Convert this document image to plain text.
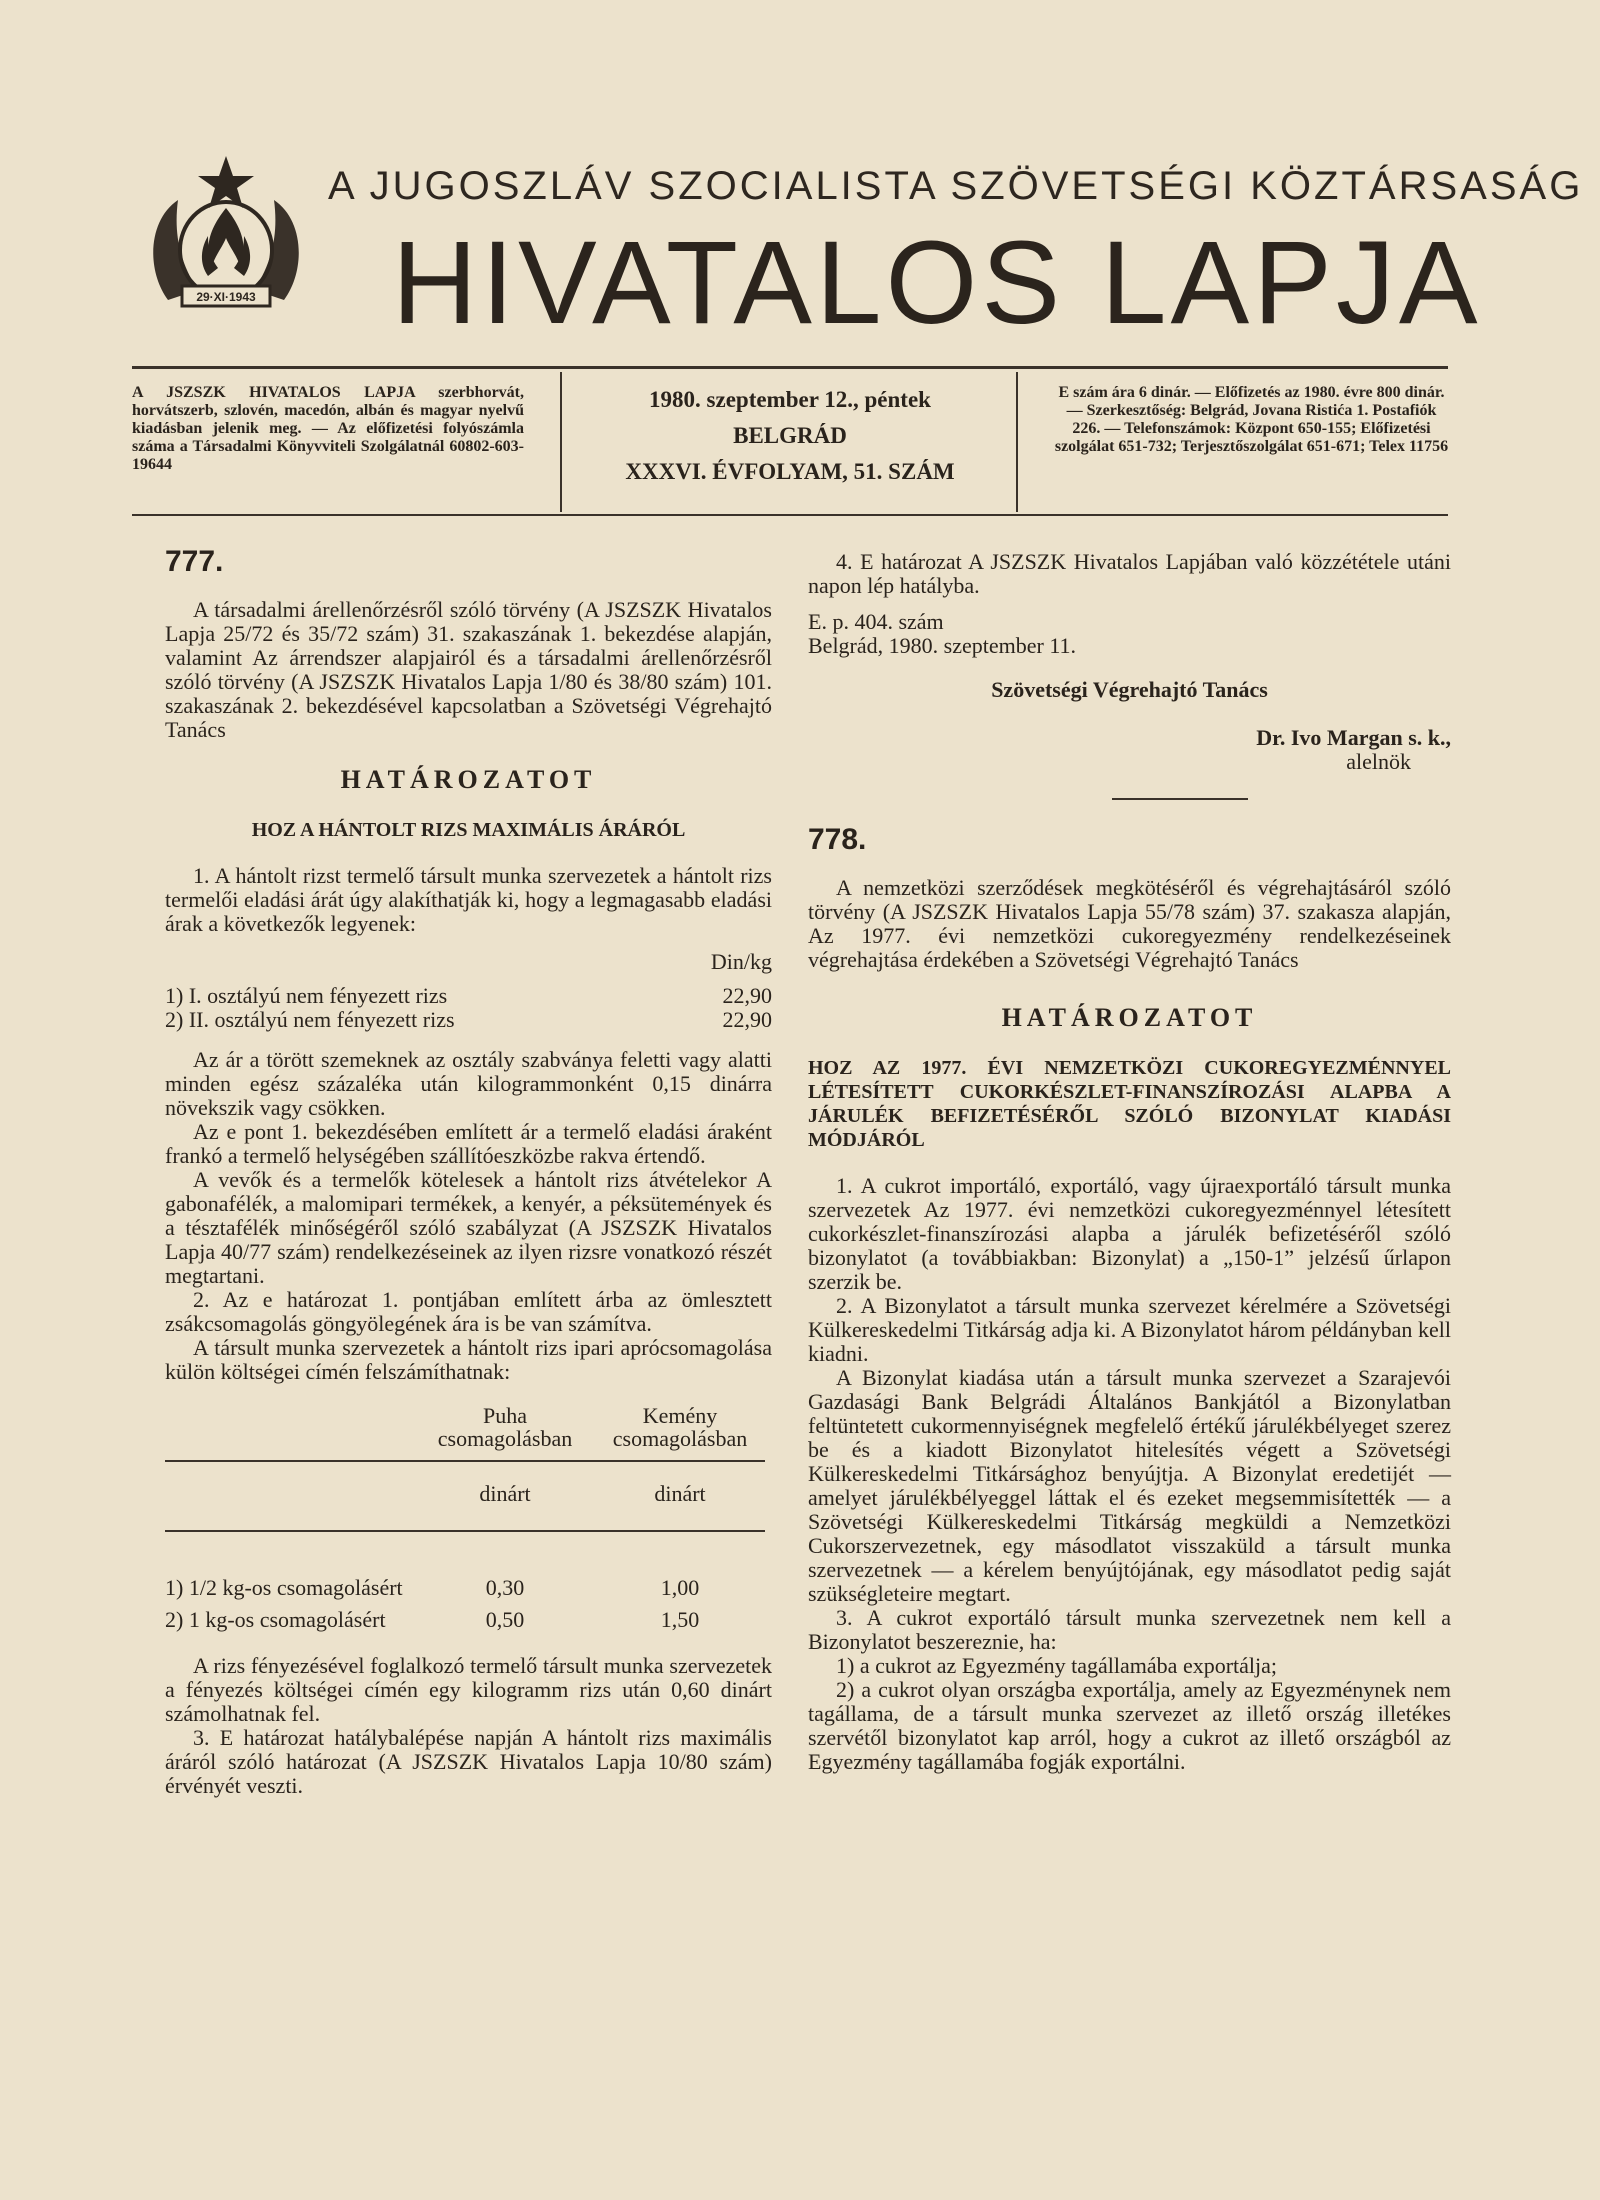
29·XI·1943
A JUGOSZLÁV SZOCIALISTA SZÖVETSÉGI KÖZTÁRSASÁG
HIVATALOS LAPJA
A JSZSZK HIVATALOS LAPJA szerbhorvát, horvátszerb, szlovén, macedón, albán és magyar nyelvű kiadásban jelenik meg. — Az előfizetési folyószámla száma a Társadalmi Könyvviteli Szolgálatnál 60802-603-19644
1980. szeptember 12., péntek
BELGRÁD
XXXVI. ÉVFOLYAM, 51. SZÁM
E szám ára 6 dinár. — Előfizetés az 1980. évre 800 dinár. — Szerkesztőség: Belgrád, Jovana Ristića 1. Postafiók 226. — Telefonszámok: Központ 650-155; Előfizetési szolgálat 651-732; Terjesztőszolgálat 651-671; Telex 11756
777.

A társadalmi árellenőrzésről szóló törvény (A JSZSZK Hivatalos Lapja 25/72 és 35/72 szám) 31. szakaszának 1. bekezdése alapján, valamint Az árrendszer alapjairól és a társadalmi árellenőrzésről szóló törvény (A JSZSZK Hivatalos Lapja 1/80 és 38/80 szám) 101. szakaszának 2. bekezdésével kapcsolatban a Szövetségi Végrehajtó Tanács

HATÁROZATOT
HOZ A HÁNTOLT RIZS MAXIMÁLIS ÁRÁRÓL

1. A hántolt rizst termelő társult munka szervezetek a hántolt rizs termelői eladási árát úgy alakíthatják ki, hogy a legmagasabb eladási árak a következők legyenek:

Din/kg
1) I. osztályú nem fényezett rizs	22,90
2) II. osztályú nem fényezett rizs	22,90

Az ár a törött szemeknek az osztály szabványa feletti vagy alatti minden egész százaléka után kilogrammonként 0,15 dinárra növekszik vagy csökken.

Az e pont 1. bekezdésében említett ár a termelő eladási áraként frankó a termelő helységében szállítóeszközbe rakva értendő.

A vevők és a termelők kötelesek a hántolt rizs átvételekor A gabonafélék, a malomipari termékek, a kenyér, a péksütemények és a tésztafélék minőségéről szóló szabályzat (A JSZSZK Hivatalos Lapja 40/77 szám) rendelkezéseinek az ilyen rizsre vonatkozó részét megtartani.

2. Az e határozat 1. pontjában említett árba az ömlesztett zsákcsomagolás göngyölegének ára is be van számítva.

A társult munka szervezetek a hántolt rizs ipari aprócsomagolása külön költségei címén felszámíthatnak:

	Puha csomagolásban	Kemény csomagolásban
	dinárt	dinárt
1) 1/2 kg-os csomagolásért	0,30	1,00
2) 1 kg-os csomagolásért	0,50	1,50

A rizs fényezésével foglalkozó termelő társult munka szervezetek a fényezés költségei címén egy kilogramm rizs után 0,60 dinárt számolhatnak fel.

3. E határozat hatálybalépése napján A hántolt rizs maximális áráról szóló határozat (A JSZSZK Hivatalos Lapja 10/80 szám) érvényét veszti.

4. E határozat A JSZSZK Hivatalos Lapjában való közzététele utáni napon lép hatályba.

E. p. 404. szám

Belgrád, 1980. szeptember 11.

Szövetségi Végrehajtó Tanács

Dr. Ivo Margan s. k.,

alelnök

778.

A nemzetközi szerződések megkötéséről és végrehajtásáról szóló törvény (A JSZSZK Hivatalos Lapja 55/78 szám) 37. szakasza alapján, Az 1977. évi nemzetközi cukoregyezmény rendelkezéseinek végrehajtása érdekében a Szövetségi Végrehajtó Tanács

HATÁROZATOT
HOZ AZ 1977. ÉVI NEMZETKÖZI CUKOREGYEZMÉNNYEL LÉTESÍTETT CUKORKÉSZLET-FINANSZÍROZÁSI ALAPBA A JÁRULÉK BEFIZETÉSÉRŐL SZÓLÓ BIZONYLAT KIADÁSI MÓDJÁRÓL

1. A cukrot importáló, exportáló, vagy újraexportáló társult munka szervezetek Az 1977. évi nemzetközi cukoregyezménnyel létesített cukorkészlet-finanszírozási alapba a járulék befizetéséről szóló bizonylatot (a továbbiakban: Bizonylat) a „150-1” jelzésű űrlapon szerzik be.

2. A Bizonylatot a társult munka szervezet kérelmére a Szövetségi Külkereskedelmi Titkárság adja ki. A Bizonylatot három példányban kell kiadni.

A Bizonylat kiadása után a társult munka szervezet a Szarajevói Gazdasági Bank Belgrádi Általános Bankjától a Bizonylatban feltüntetett cukormennyiségnek megfelelő értékű járulékbélyeget szerez be és a kiadott Bizonylatot hitelesítés végett a Szövetségi Külkereskedelmi Titkársághoz benyújtja. A Bizonylat eredetijét — amelyet járulékbélyeggel láttak el és ezeket megsemmisítették — a Szövetségi Külkereskedelmi Titkárság megküldi a Nemzetközi Cukorszervezetnek, egy másodlatot visszaküld a társult munka szervezetnek — a kérelem benyújtójának, egy másodlatot pedig saját szükségleteire megtart.

3. A cukrot exportáló társult munka szervezetnek nem kell a Bizonylatot beszereznie, ha:

1) a cukrot az Egyezmény tagállamába exportálja;

2) a cukrot olyan országba exportálja, amely az Egyezménynek nem tagállama, de a társult munka szervezet az illető ország illetékes szervétől bizonylatot kap arról, hogy a cukrot az illető országból az Egyezmény tagállamába fogják exportálni.
